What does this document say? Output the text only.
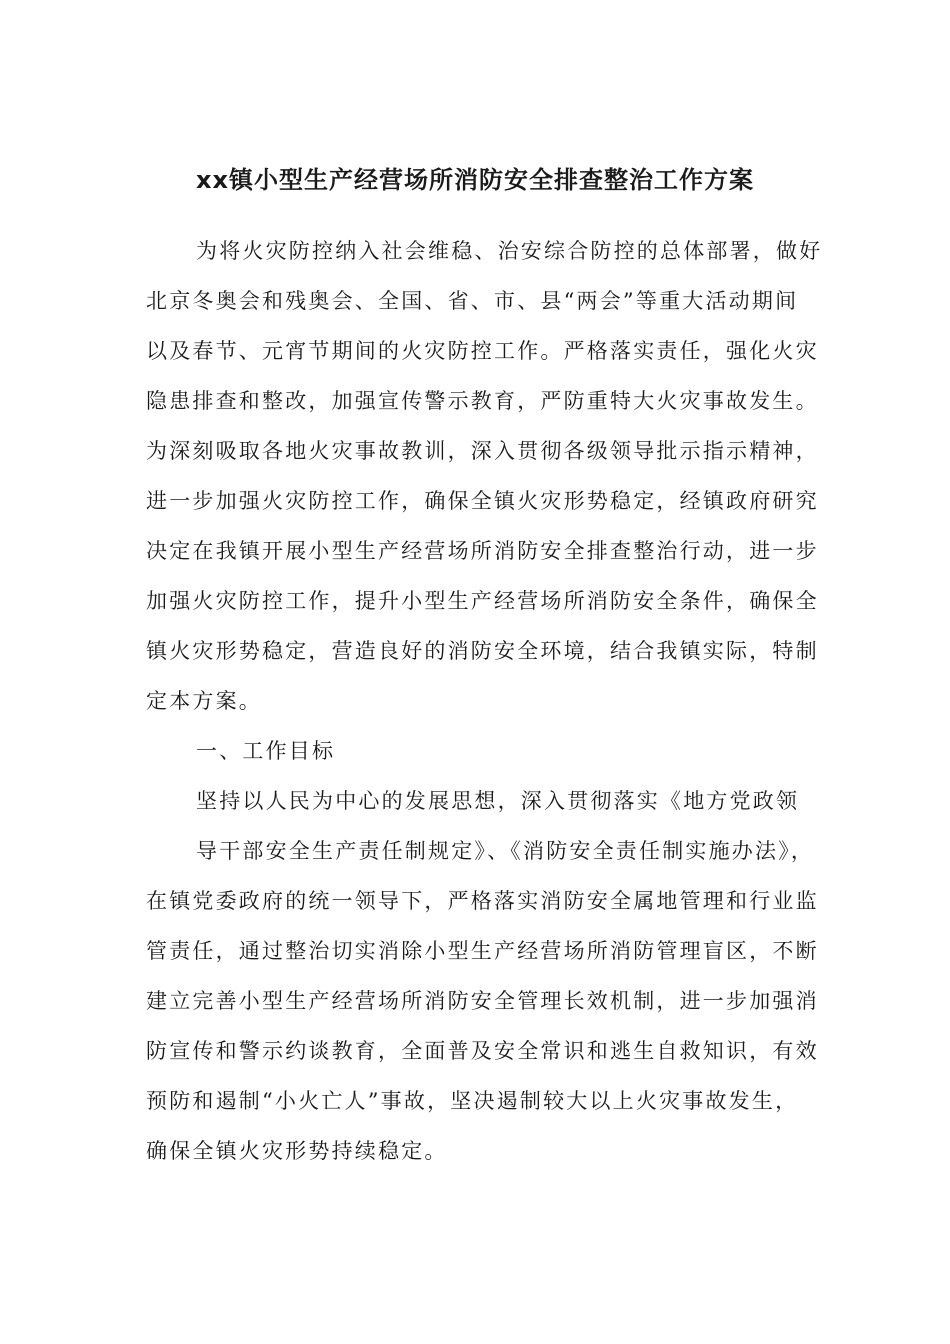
xx镇小型生产经营场所消防安全排查整治工作方案
为将火灾防控纳入社会维稳、治安综合防控的总体部署，做好
北京冬奥会和残奥会、全国、省、市、县“两会”等重大活动期间
以及春节、元宵节期间的火灾防控工作。严格落实责任，强化火灾
隐患排查和整改，加强宣传警示教育，严防重特大火灾事故发生。
为深刻吸取各地火灾事故教训，深入贯彻各级领导批示指示精神，
进一步加强火灾防控工作，确保全镇火灾形势稳定，经镇政府研究
决定在我镇开展小型生产经营场所消防安全排查整治行动，进一步
加强火灾防控工作，提升小型生产经营场所消防安全条件，确保全
镇火灾形势稳定，营造良好的消防安全环境，结合我镇实际，特制
定本方案。
一、工作目标
坚持以人民为中心的发展思想，深入贯彻落实《地方党政领
导干部安全生产责任制规定》、《消防安全责任制实施办法》，
在镇党委政府的统一领导下，严格落实消防安全属地管理和行业监
管责任，通过整治切实消除小型生产经营场所消防管理盲区，不断
建立完善小型生产经营场所消防安全管理长效机制，进一步加强消
防宣传和警示约谈教育，全面普及安全常识和逃生自救知识，有效
预防和遏制“小火亡人”事故，坚决遏制较大以上火灾事故发生，
确保全镇火灾形势持续稳定。
